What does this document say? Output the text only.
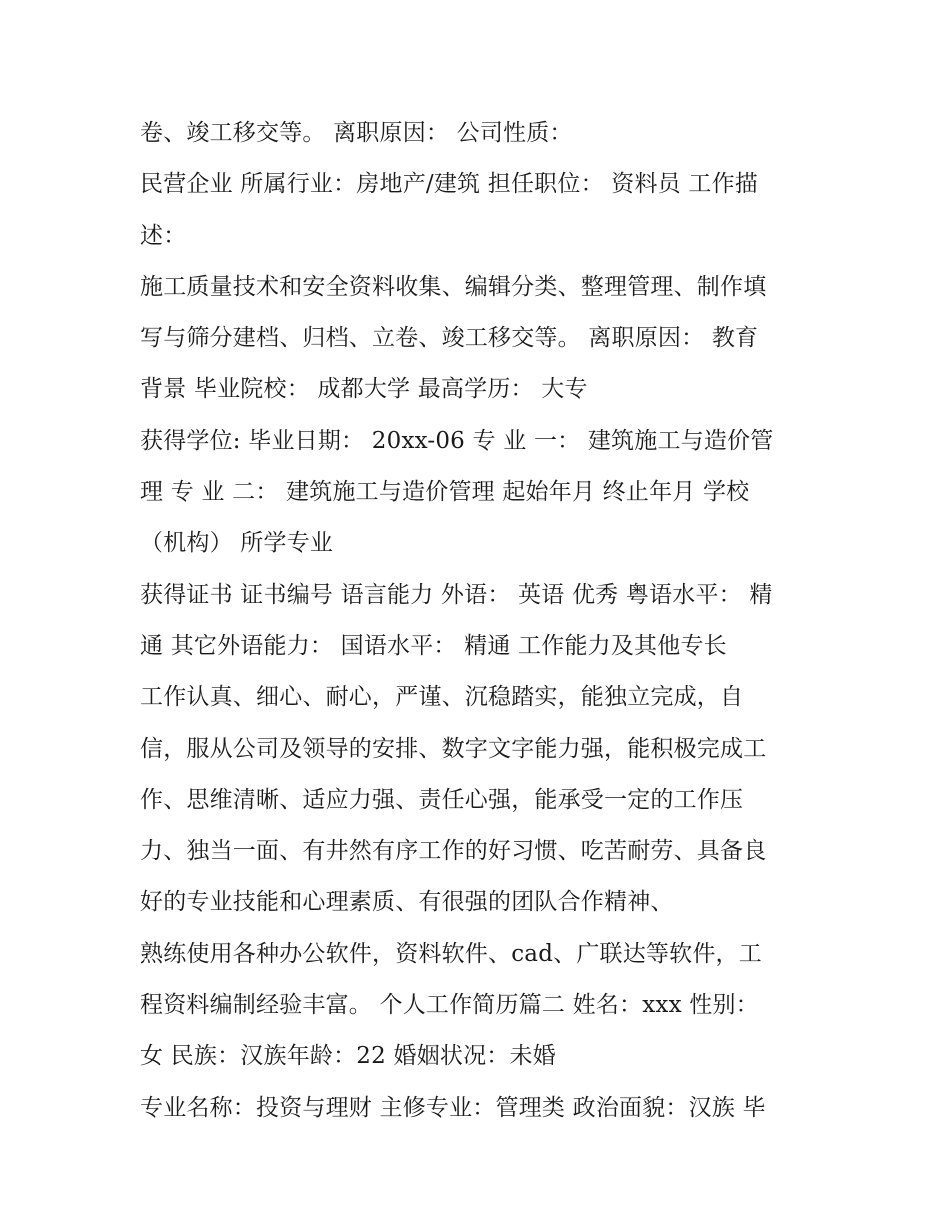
卷、竣工移交等。 离职原因： 公司性质：
民营企业 所属行业：房地产/建筑 担任职位： 资料员 工作描
述：
施工质量技术和安全资料收集、编辑分类、整理管理、制作填
写与筛分建档、归档、立卷、竣工移交等。 离职原因： 教育
背景 毕业院校： 成都大学 最高学历： 大专
获得学位: 毕业日期： 20xx-06 专 业 一： 建筑施工与造价管
理 专 业 二： 建筑施工与造价管理 起始年月 终止年月 学校
（机构） 所学专业
获得证书 证书编号 语言能力 外语： 英语 优秀 粤语水平： 精
通 其它外语能力： 国语水平： 精通 工作能力及其他专长
工作认真、细心、耐心，严谨、沉稳踏实，能独立完成，自
信，服从公司及领导的安排、数字文字能力强，能积极完成工
作、思维清晰、适应力强、责任心强，能承受一定的工作压
力、独当一面、有井然有序工作的好习惯、吃苦耐劳、具备良
好的专业技能和心理素质、有很强的团队合作精神、
熟练使用各种办公软件，资料软件、cad、广联达等软件，工
程资料编制经验丰富。 个人工作简历篇二 姓名：xxx 性别：
女 民族：汉族年龄：22 婚姻状况：未婚
专业名称：投资与理财 主修专业：管理类 政治面貌：汉族 毕
